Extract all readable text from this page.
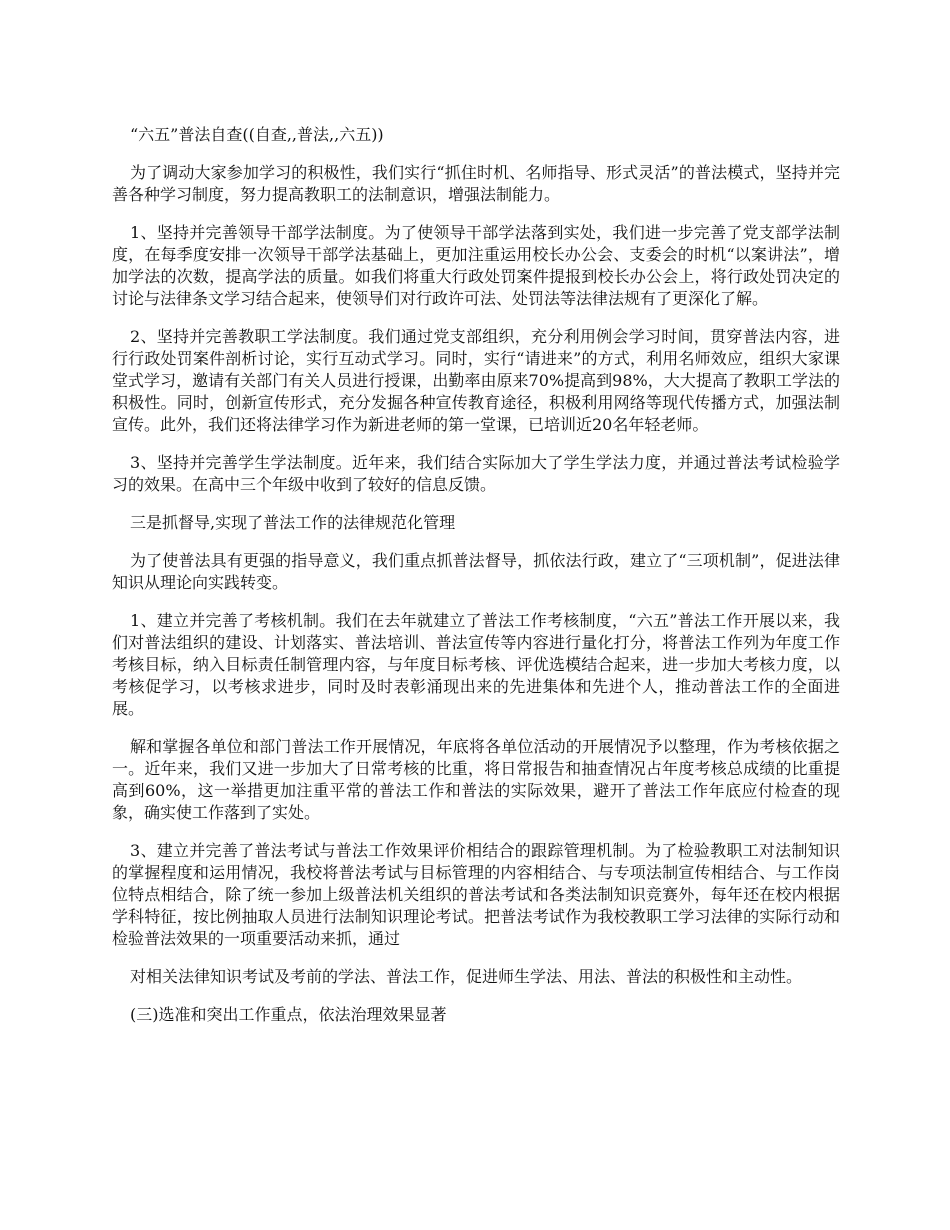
“六五”普法自查((自查,,普法,,六五))

为了调动大家参加学习的积极性，我们实行“抓住时机、名师指导、形式灵活”的普法模式，坚持并完善各种学习制度，努力提高教职工的法制意识，增强法制能力。

1、坚持并完善领导干部学法制度。为了使领导干部学法落到实处，我们进一步完善了党支部学法制度，在每季度安排一次领导干部学法基础上，更加注重运用校长办公会、支委会的时机“以案讲法”，增加学法的次数，提高学法的质量。如我们将重大行政处罚案件提报到校长办公会上，将行政处罚决定的讨论与法律条文学习结合起来，使领导们对行政许可法、处罚法等法律法规有了更深化了解。

2、坚持并完善教职工学法制度。我们通过党支部组织，充分利用例会学习时间，贯穿普法内容，进行行政处罚案件剖析讨论，实行互动式学习。同时，实行“请进来”的方式，利用名师效应，组织大家课堂式学习，邀请有关部门有关人员进行授课，出勤率由原来70%提高到98%，大大提高了教职工学法的积极性。同时，创新宣传形式，充分发掘各种宣传教育途径，积极利用网络等现代传播方式，加强法制宣传。此外，我们还将法律学习作为新进老师的第一堂课，已培训近20名年轻老师。

3、坚持并完善学生学法制度。近年来，我们结合实际加大了学生学法力度，并通过普法考试检验学习的效果。在高中三个年级中收到了较好的信息反馈。

三是抓督导,实现了普法工作的法律规范化管理

为了使普法具有更强的指导意义，我们重点抓普法督导，抓依法行政，建立了“三项机制”，促进法律知识从理论向实践转变。

1、建立并完善了考核机制。我们在去年就建立了普法工作考核制度，“六五”普法工作开展以来，我们对普法组织的建设、计划落实、普法培训、普法宣传等内容进行量化打分，将普法工作列为年度工作考核目标，纳入目标责任制管理内容，与年度目标考核、评优选模结合起来，进一步加大考核力度，以考核促学习，以考核求进步，同时及时表彰涌现出来的先进集体和先进个人，推动普法工作的全面进展。

解和掌握各单位和部门普法工作开展情况，年底将各单位活动的开展情况予以整理，作为考核依据之一。近年来，我们又进一步加大了日常考核的比重，将日常报告和抽查情况占年度考核总成绩的比重提高到60%，这一举措更加注重平常的普法工作和普法的实际效果，避开了普法工作年底应付检查的现象，确实使工作落到了实处。

3、建立并完善了普法考试与普法工作效果评价相结合的跟踪管理机制。为了检验教职工对法制知识的掌握程度和运用情况，我校将普法考试与目标管理的内容相结合、与专项法制宣传相结合、与工作岗位特点相结合，除了统一参加上级普法机关组织的普法考试和各类法制知识竞赛外，每年还在校内根据学科特征，按比例抽取人员进行法制知识理论考试。把普法考试作为我校教职工学习法律的实际行动和检验普法效果的一项重要活动来抓，通过

对相关法律知识考试及考前的学法、普法工作，促进师生学法、用法、普法的积极性和主动性。

(三)选准和突出工作重点，依法治理效果显著
